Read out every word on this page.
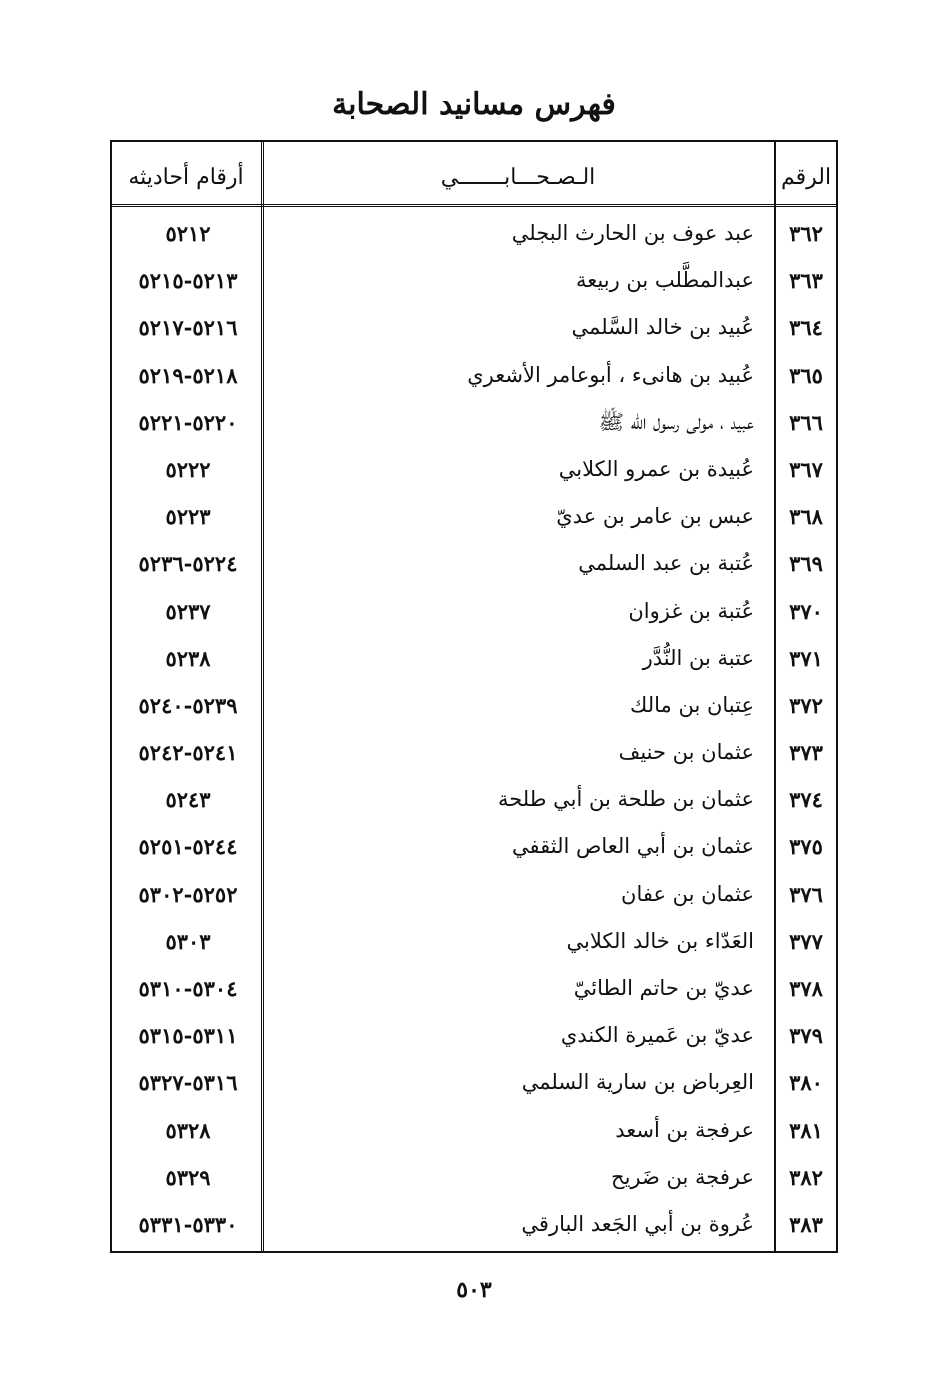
فهرس مسانيد الصحابة
الرقم
الـصـحـــابـــــــي
أرقام أحاديثه
٣٦٢
عبد عوف بن الحارث البجلي
٥٢١٢
٣٦٣
عبدالمطَّلب بن ربيعة
٥٢١٣-٥٢١٥
٣٦٤
عُبيد بن خالد السَّلمي
٥٢١٦-٥٢١٧
٣٦٥
عُبيد بن هانىء ، أبوعامر الأشعري
٥٢١٨-٥٢١٩
٣٦٦
عبيد ، مولى رسول الله ﷺ
٥٢٢٠-٥٢٢١
٣٦٧
عُبيدة بن عمرو الكلابي
٥٢٢٢
٣٦٨
عبس بن عامر بن عديّ
٥٢٢٣
٣٦٩
عُتبة بن عبد السلمي
٥٢٢٤-٥٢٣٦
٣٧٠
عُتبة بن غزوان
٥٢٣٧
٣٧١
عتبة بن النُّدَّر
٥٢٣٨
٣٧٢
عِتبان بن مالك
٥٢٣٩-٥٢٤٠
٣٧٣
عثمان بن حنيف
٥٢٤١-٥٢٤٢
٣٧٤
عثمان بن طلحة بن أبي طلحة
٥٢٤٣
٣٧٥
عثمان بن أبي العاص الثقفي
٥٢٤٤-٥٢٥١
٣٧٦
عثمان بن عفان
٥٢٥٢-٥٣٠٢
٣٧٧
العَدّاء بن خالد الكلابي
٥٣٠٣
٣٧٨
عديّ بن حاتم الطائيّ
٥٣٠٤-٥٣١٠
٣٧٩
عديّ بن عَميرة الكندي
٥٣١١-٥٣١٥
٣٨٠
العِرباض بن سارية السلمي
٥٣١٦-٥٣٢٧
٣٨١
عرفجة بن أسعد
٥٣٢٨
٣٨٢
عرفجة بن ضَريح
٥٣٢٩
٣٨٣
عُروة بن أبي الجَعد البارقي
٥٣٣٠-٥٣٣١
٥٠٣
